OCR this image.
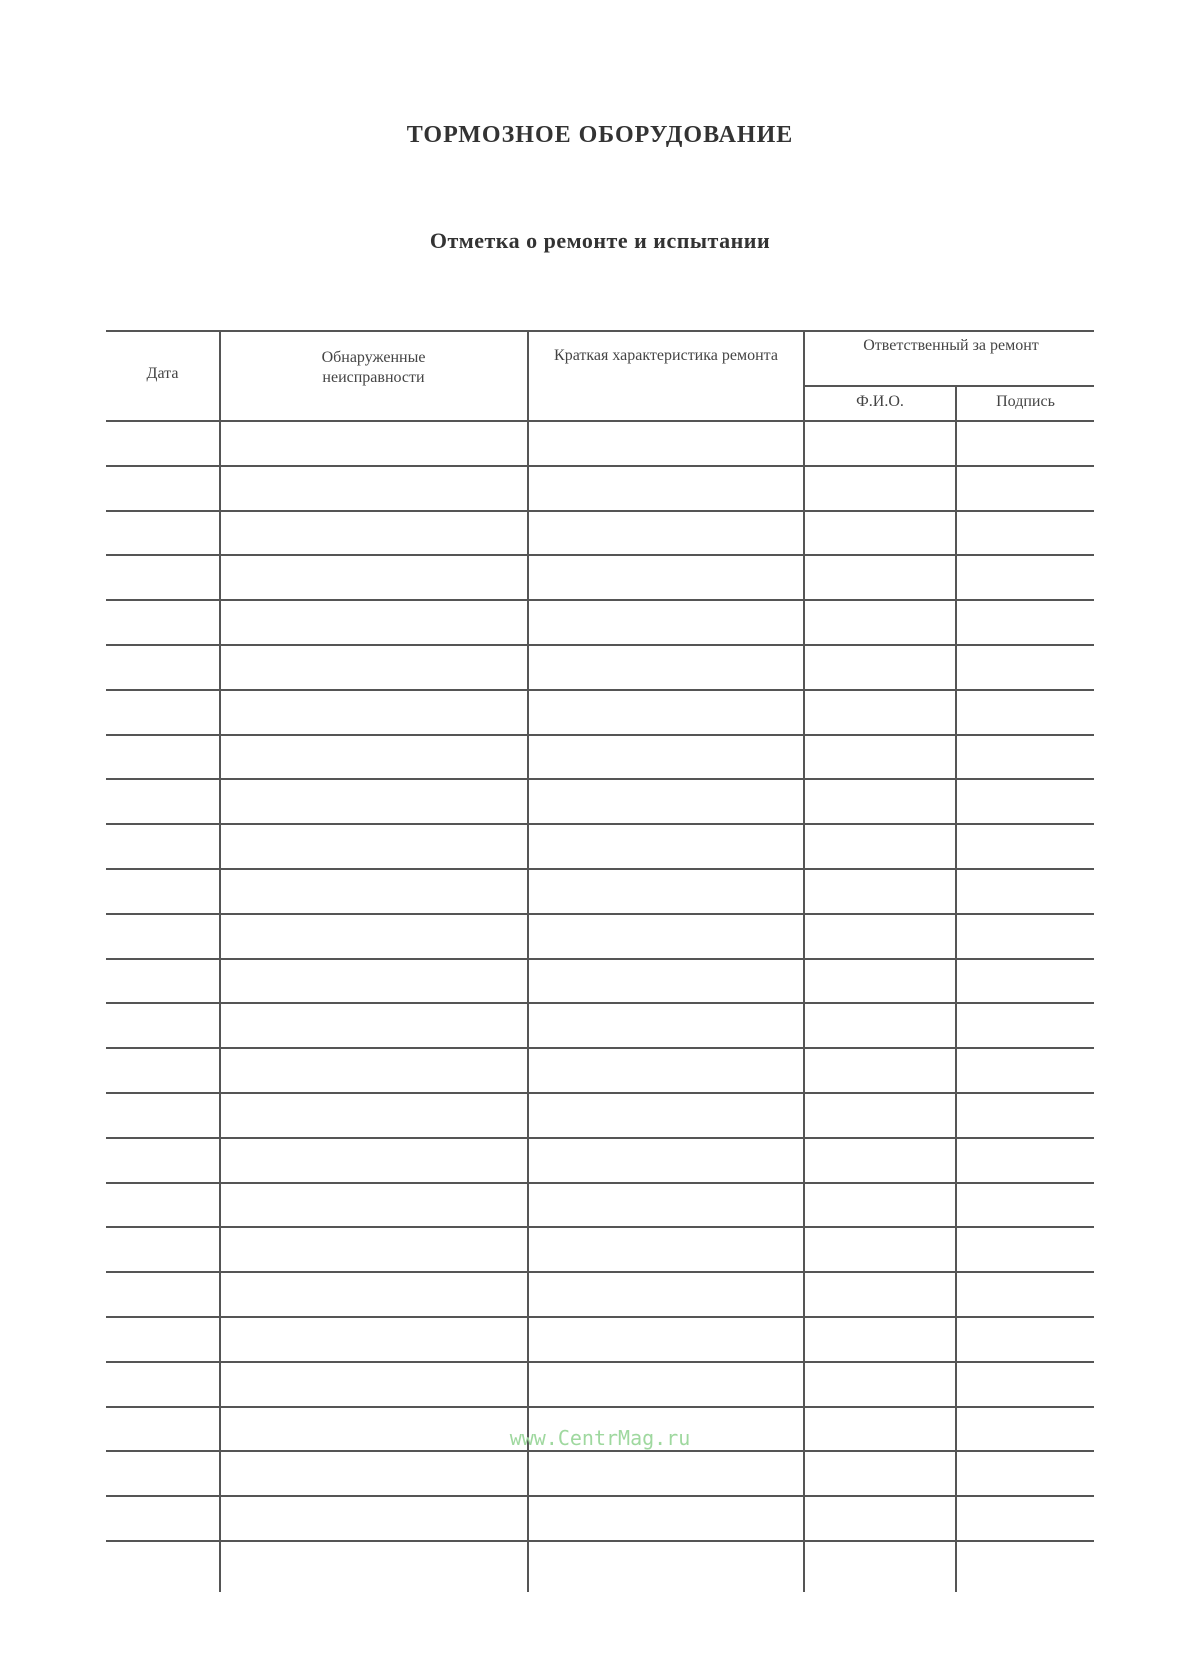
ТОРМОЗНОЕ ОБОРУДОВАНИЕ
Отметка о ремонте и испытании
Дата
Обнаруженные неисправности
Краткая характеристика ремонта
Ответственный за ремонт
Ф.И.О.	Подпись
www.CentrMag.ru
